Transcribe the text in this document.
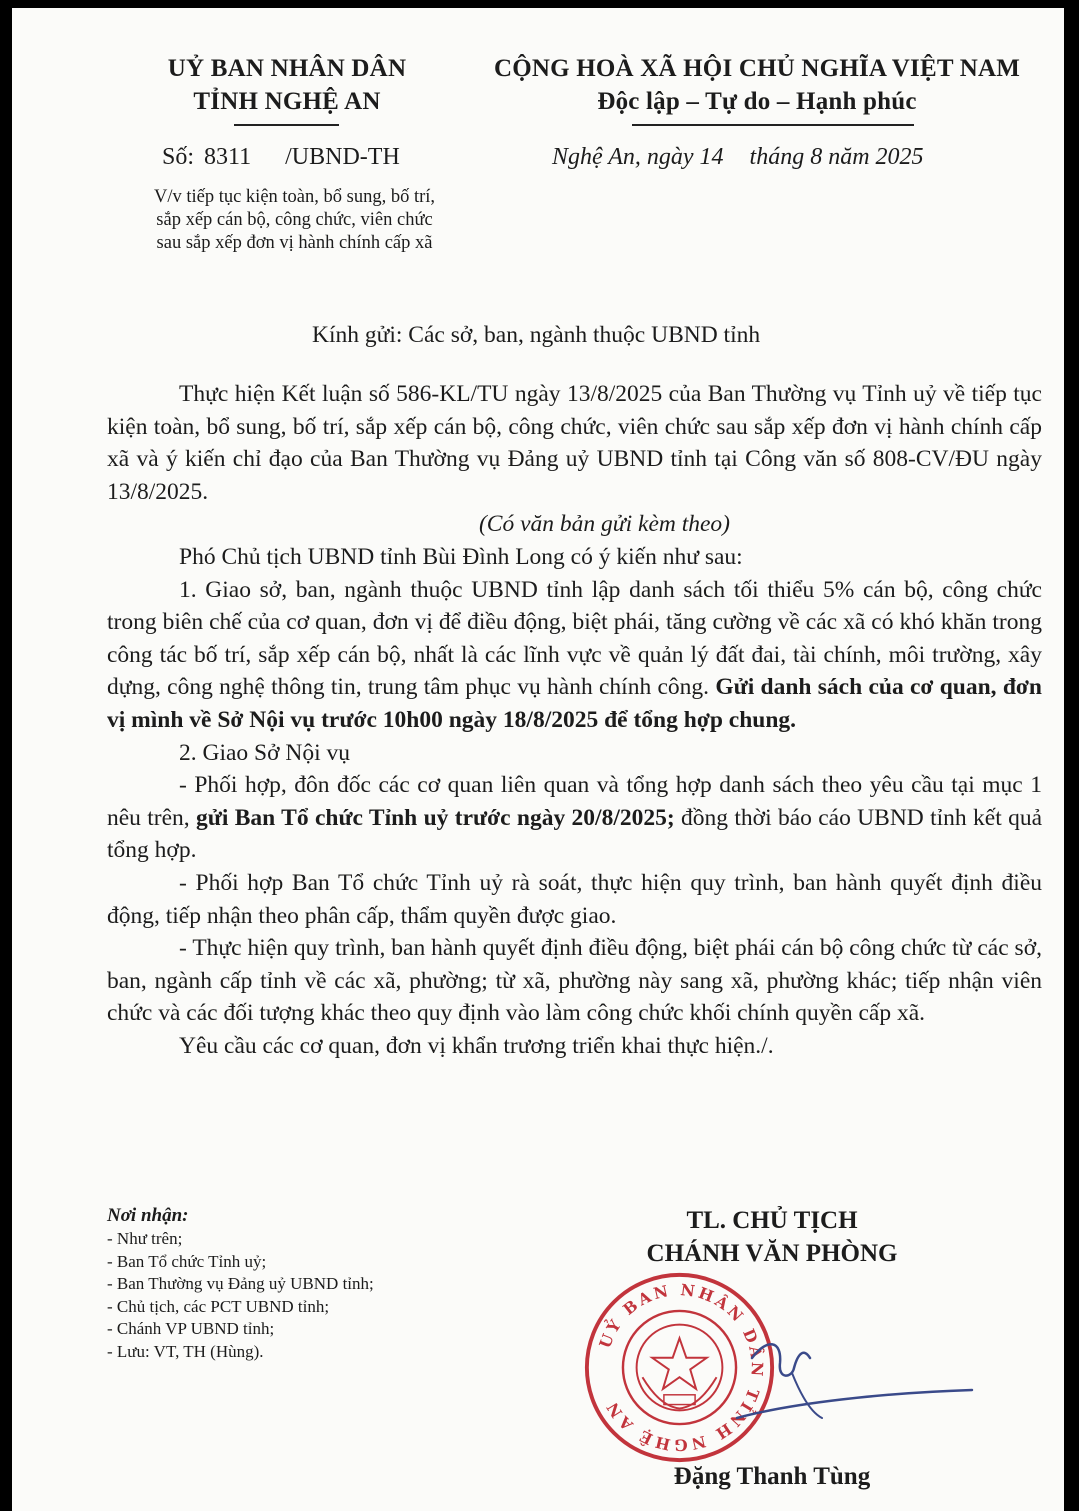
UỶ BAN NHÂN DÂN
TỈNH NGHỆ AN
CỘNG HOÀ XÃ HỘI CHỦ NGHĨA VIỆT NAM
Độc lập – Tự do – Hạnh phúc
Số: 8311 /UBND-TH	Nghệ An, ngày 14 tháng 8 năm 2025
V/v tiếp tục kiện toàn, bổ sung, bố trí,
sắp xếp cán bộ, công chức, viên chức
sau sắp xếp đơn vị hành chính cấp xã
Kính gửi: Các sở, ban, ngành thuộc UBND tỉnh

Thực hiện Kết luận số 586-KL/TU ngày 13/8/2025 của Ban Thường vụ Tỉnh uỷ về tiếp tục kiện toàn, bổ sung, bố trí, sắp xếp cán bộ, công chức, viên chức sau sắp xếp đơn vị hành chính cấp xã và ý kiến chỉ đạo của Ban Thường vụ Đảng uỷ UBND tỉnh tại Công văn số 808-CV/ĐU ngày 13/8/2025.

(Có văn bản gửi kèm theo)

Phó Chủ tịch UBND tỉnh Bùi Đình Long có ý kiến như sau:

1. Giao sở, ban, ngành thuộc UBND tỉnh lập danh sách tối thiểu 5% cán bộ, công chức trong biên chế của cơ quan, đơn vị để điều động, biệt phái, tăng cường về các xã có khó khăn trong công tác bố trí, sắp xếp cán bộ, nhất là các lĩnh vực về quản lý đất đai, tài chính, môi trường, xây dựng, công nghệ thông tin, trung tâm phục vụ hành chính công. Gửi danh sách của cơ quan, đơn vị mình về Sở Nội vụ trước 10h00 ngày 18/8/2025 để tổng hợp chung.

2. Giao Sở Nội vụ

- Phối hợp, đôn đốc các cơ quan liên quan và tổng hợp danh sách theo yêu cầu tại mục 1 nêu trên, gửi Ban Tổ chức Tỉnh uỷ trước ngày 20/8/2025; đồng thời báo cáo UBND tỉnh kết quả tổng hợp.

- Phối hợp Ban Tổ chức Tỉnh uỷ rà soát, thực hiện quy trình, ban hành quyết định điều động, tiếp nhận theo phân cấp, thẩm quyền được giao.

- Thực hiện quy trình, ban hành quyết định điều động, biệt phái cán bộ công chức từ các sở, ban, ngành cấp tỉnh về các xã, phường; từ xã, phường này sang xã, phường khác; tiếp nhận viên chức và các đối tượng khác theo quy định vào làm công chức khối chính quyền cấp xã.

Yêu cầu các cơ quan, đơn vị khẩn trương triển khai thực hiện./.

Nơi nhận:
- Như trên;
- Ban Tổ chức Tỉnh uỷ;
- Ban Thường vụ Đảng uỷ UBND tỉnh;
- Chủ tịch, các PCT UBND tỉnh;
- Chánh VP UBND tỉnh;
- Lưu: VT, TH (Hùng).
TL. CHỦ TỊCH
CHÁNH VĂN PHÒNG
UỶ BAN NHÂN DÂN TỈNH NGHỆ AN
Đặng Thanh Tùng
